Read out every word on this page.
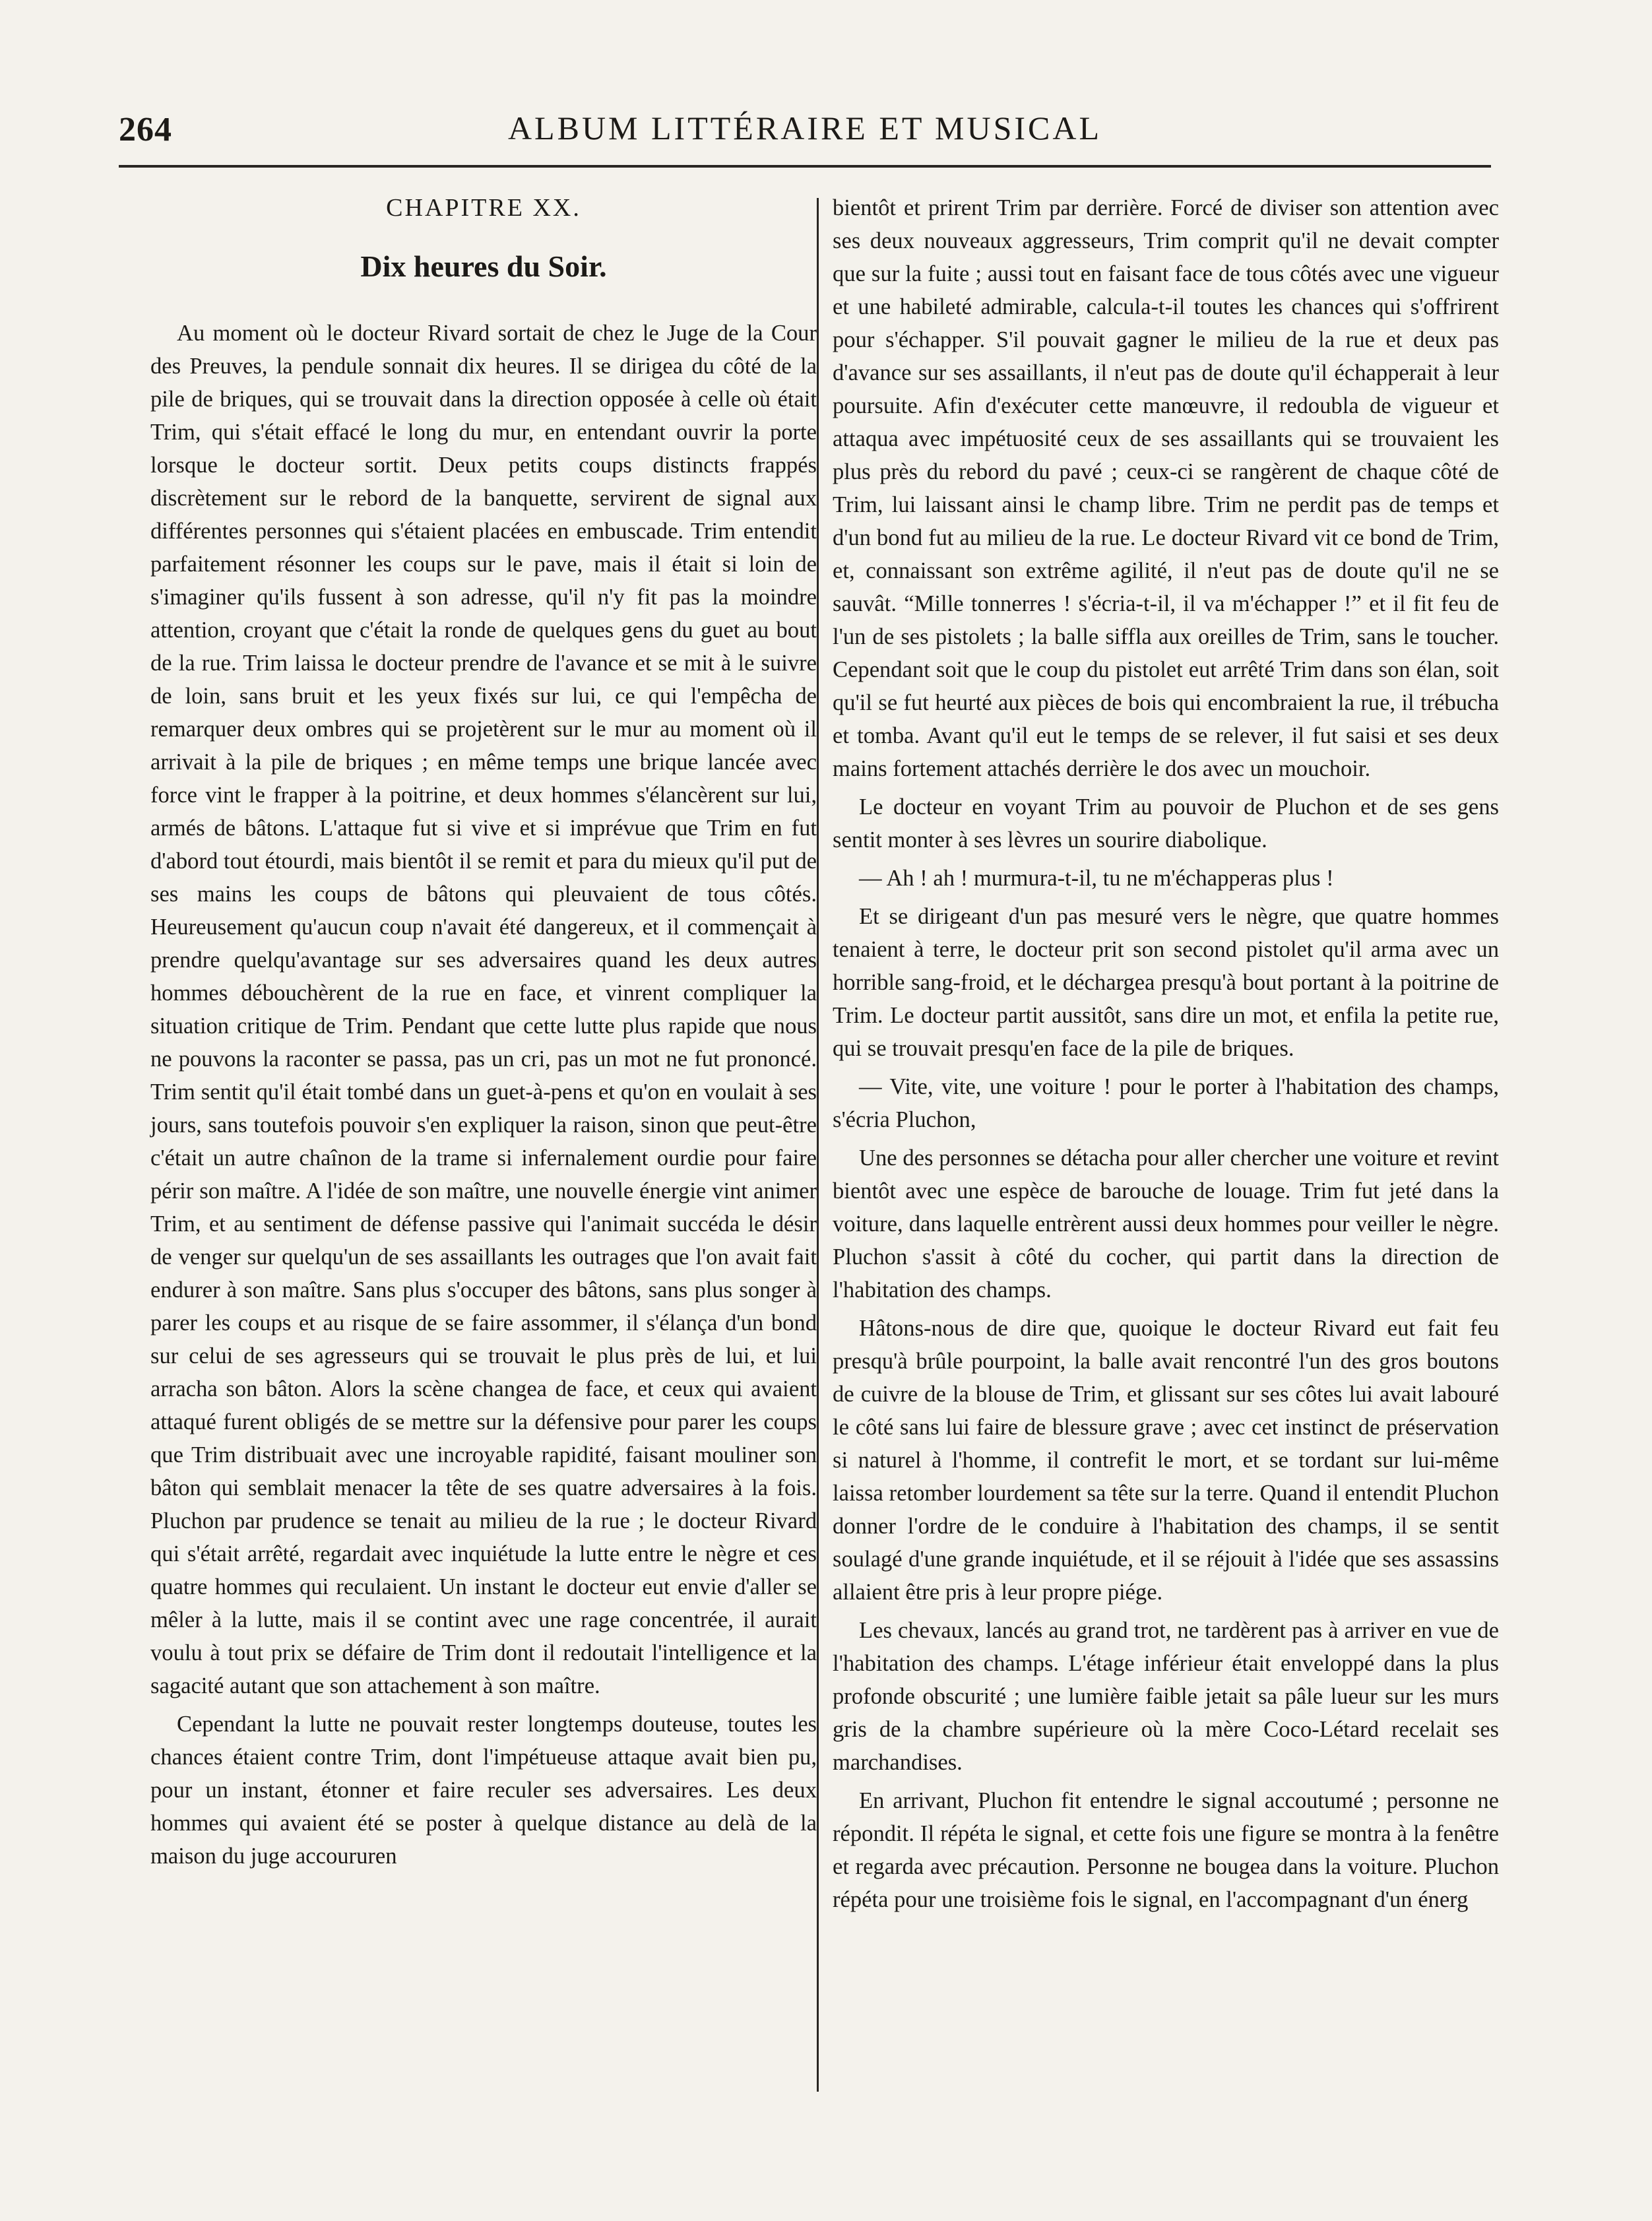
264	ALBUM LITTÉRAIRE ET MUSICAL
CHAPITRE XX.
Dix heures du Soir.

Au moment où le docteur Rivard sortait de chez le Juge de la Cour des Preuves, la pendule sonnait dix heures. Il se dirigea du côté de la pile de briques, qui se trouvait dans la direction opposée à celle où était Trim, qui s'était effacé le long du mur, en entendant ouvrir la porte lorsque le docteur sortit. Deux petits coups distincts frappés discrètement sur le rebord de la banquette, servirent de signal aux différentes personnes qui s'étaient placées en embuscade. Trim entendit parfaitement résonner les coups sur le pave, mais il était si loin de s'imaginer qu'ils fussent à son adresse, qu'il n'y fit pas la moindre attention, croyant que c'était la ronde de quelques gens du guet au bout de la rue. Trim laissa le docteur prendre de l'avance et se mit à le suivre de loin, sans bruit et les yeux fixés sur lui, ce qui l'empêcha de remarquer deux ombres qui se projetèrent sur le mur au moment où il arrivait à la pile de briques ; en même temps une brique lancée avec force vint le frapper à la poitrine, et deux hommes s'élancèrent sur lui, armés de bâtons. L'attaque fut si vive et si imprévue que Trim en fut d'abord tout étourdi, mais bientôt il se remit et para du mieux qu'il put de ses mains les coups de bâtons qui pleuvaient de tous côtés. Heureusement qu'aucun coup n'avait été dangereux, et il commençait à prendre quelqu'avantage sur ses adversaires quand les deux autres hommes débouchèrent de la rue en face, et vinrent compliquer la situation critique de Trim. Pendant que cette lutte plus rapide que nous ne pouvons la raconter se passa, pas un cri, pas un mot ne fut prononcé. Trim sentit qu'il était tombé dans un guet-à-pens et qu'on en voulait à ses jours, sans toutefois pouvoir s'en expliquer la raison, sinon que peut-être c'était un autre chaînon de la trame si infernalement ourdie pour faire périr son maître. A l'idée de son maître, une nouvelle énergie vint animer Trim, et au sentiment de défense passive qui l'animait succéda le désir de venger sur quelqu'un de ses assaillants les outrages que l'on avait fait endurer à son maître. Sans plus s'occuper des bâtons, sans plus songer à parer les coups et au risque de se faire assommer, il s'élança d'un bond sur celui de ses agresseurs qui se trouvait le plus près de lui, et lui arracha son bâton. Alors la scène changea de face, et ceux qui avaient attaqué furent obligés de se mettre sur la défensive pour parer les coups que Trim distribuait avec une incroyable rapidité, faisant mouliner son bâton qui semblait menacer la tête de ses quatre adversaires à la fois. Pluchon par prudence se tenait au milieu de la rue ; le docteur Rivard qui s'était arrêté, regardait avec inquiétude la lutte entre le nègre et ces quatre hommes qui reculaient. Un instant le docteur eut envie d'aller se mêler à la lutte, mais il se contint avec une rage concentrée, il aurait voulu à tout prix se défaire de Trim dont il redoutait l'intelligence et la sagacité autant que son attachement à son maître.

Cependant la lutte ne pouvait rester longtemps douteuse, toutes les chances étaient contre Trim, dont l'impétueuse attaque avait bien pu, pour un instant, étonner et faire reculer ses adversaires. Les deux hommes qui avaient été se poster à quelque distance au delà de la maison du juge accoururen

bientôt et prirent Trim par derrière. Forcé de diviser son attention avec ses deux nouveaux aggresseurs, Trim comprit qu'il ne devait compter que sur la fuite ; aussi tout en faisant face de tous côtés avec une vigueur et une habileté admirable, calcula-t-il toutes les chances qui s'offrirent pour s'échapper. S'il pouvait gagner le milieu de la rue et deux pas d'avance sur ses assaillants, il n'eut pas de doute qu'il échapperait à leur poursuite. Afin d'exécuter cette manœuvre, il redoubla de vigueur et attaqua avec impétuosité ceux de ses assaillants qui se trouvaient les plus près du rebord du pavé ; ceux-ci se rangèrent de chaque côté de Trim, lui laissant ainsi le champ libre. Trim ne perdit pas de temps et d'un bond fut au milieu de la rue. Le docteur Rivard vit ce bond de Trim, et, connaissant son extrême agilité, il n'eut pas de doute qu'il ne se sauvât. “Mille tonnerres ! s'écria-t-il, il va m'échapper !” et il fit feu de l'un de ses pistolets ; la balle siffla aux oreilles de Trim, sans le toucher. Cependant soit que le coup du pistolet eut arrêté Trim dans son élan, soit qu'il se fut heurté aux pièces de bois qui encombraient la rue, il trébucha et tomba. Avant qu'il eut le temps de se relever, il fut saisi et ses deux mains fortement attachés derrière le dos avec un mouchoir.

Le docteur en voyant Trim au pouvoir de Pluchon et de ses gens sentit monter à ses lèvres un sourire diabolique.

— Ah ! ah ! murmura-t-il, tu ne m'échapperas plus !

Et se dirigeant d'un pas mesuré vers le nègre, que quatre hommes tenaient à terre, le docteur prit son second pistolet qu'il arma avec un horrible sang-froid, et le déchargea presqu'à bout portant à la poitrine de Trim. Le docteur partit aussitôt, sans dire un mot, et enfila la petite rue, qui se trouvait presqu'en face de la pile de briques.

— Vite, vite, une voiture ! pour le porter à l'habitation des champs, s'écria Pluchon,

Une des personnes se détacha pour aller chercher une voiture et revint bientôt avec une espèce de barouche de louage. Trim fut jeté dans la voiture, dans laquelle entrèrent aussi deux hommes pour veiller le nègre. Pluchon s'assit à côté du cocher, qui partit dans la direction de l'habitation des champs.

Hâtons-nous de dire que, quoique le docteur Rivard eut fait feu presqu'à brûle pourpoint, la balle avait rencontré l'un des gros boutons de cuivre de la blouse de Trim, et glissant sur ses côtes lui avait labouré le côté sans lui faire de blessure grave ; avec cet instinct de préservation si naturel à l'homme, il contrefit le mort, et se tordant sur lui-même laissa retomber lourdement sa tête sur la terre. Quand il entendit Pluchon donner l'ordre de le conduire à l'habitation des champs, il se sentit soulagé d'une grande inquiétude, et il se réjouit à l'idée que ses assassins allaient être pris à leur propre piége.

Les chevaux, lancés au grand trot, ne tardèrent pas à arriver en vue de l'habitation des champs. L'étage inférieur était enveloppé dans la plus profonde obscurité ; une lumière faible jetait sa pâle lueur sur les murs gris de la chambre supérieure où la mère Coco-Létard recelait ses marchandises.

En arrivant, Pluchon fit entendre le signal accoutumé ; personne ne répondit. Il répéta le signal, et cette fois une figure se montra à la fenêtre et regarda avec précaution. Personne ne bougea dans la voiture. Pluchon répéta pour une troisième fois le signal, en l'accompagnant d'un énerg
